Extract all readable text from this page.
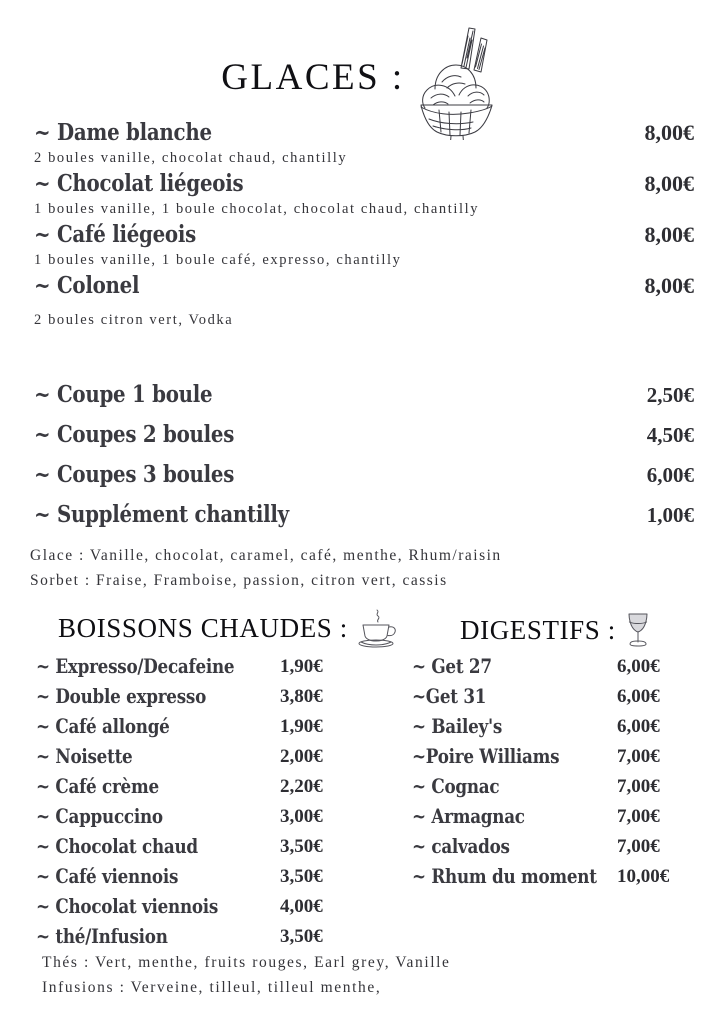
GLACES :
~ Dame blanche	8,00€
2 boules vanille, chocolat chaud, chantilly
~ Chocolat liégeois	8,00€
1 boules vanille, 1 boule chocolat, chocolat chaud, chantilly
~ Café liégeois	8,00€
1 boules vanille, 1 boule café, expresso, chantilly
~ Colonel	8,00€
2 boules citron vert, Vodka
~ Coupe 1 boule	2,50€
~ Coupes 2 boules	4,50€
~ Coupes 3 boules	6,00€
~ Supplément chantilly	1,00€
Glace : Vanille, chocolat, caramel, café, menthe, Rhum/raisin
Sorbet : Fraise, Framboise, passion, citron vert, cassis
BOISSONS CHAUDES :	DIGESTIFS :
~ Expresso/Decafeine 1,90€
~ Double expresso	3,80€
~ Café allongé	1,90€
~ Noisette	2,00€
~ Café crème	2,20€
~ Cappuccino	3,00€
~ Chocolat chaud	3,50€
~ Café viennois	3,50€
~ Chocolat viennois	4,00€
~ thé/Infusion	3,50€
~ Get 27	6,00€
~Get 31	6,00€
~ Bailey's	6,00€
~Poire Williams	7,00€
~ Cognac	7,00€
~ Armagnac	7,00€
~ calvados	7,00€
~ Rhum du moment 10,00€
Thés : Vert, menthe, fruits rouges, Earl grey, Vanille
Infusions : Verveine, tilleul, tilleul menthe,
